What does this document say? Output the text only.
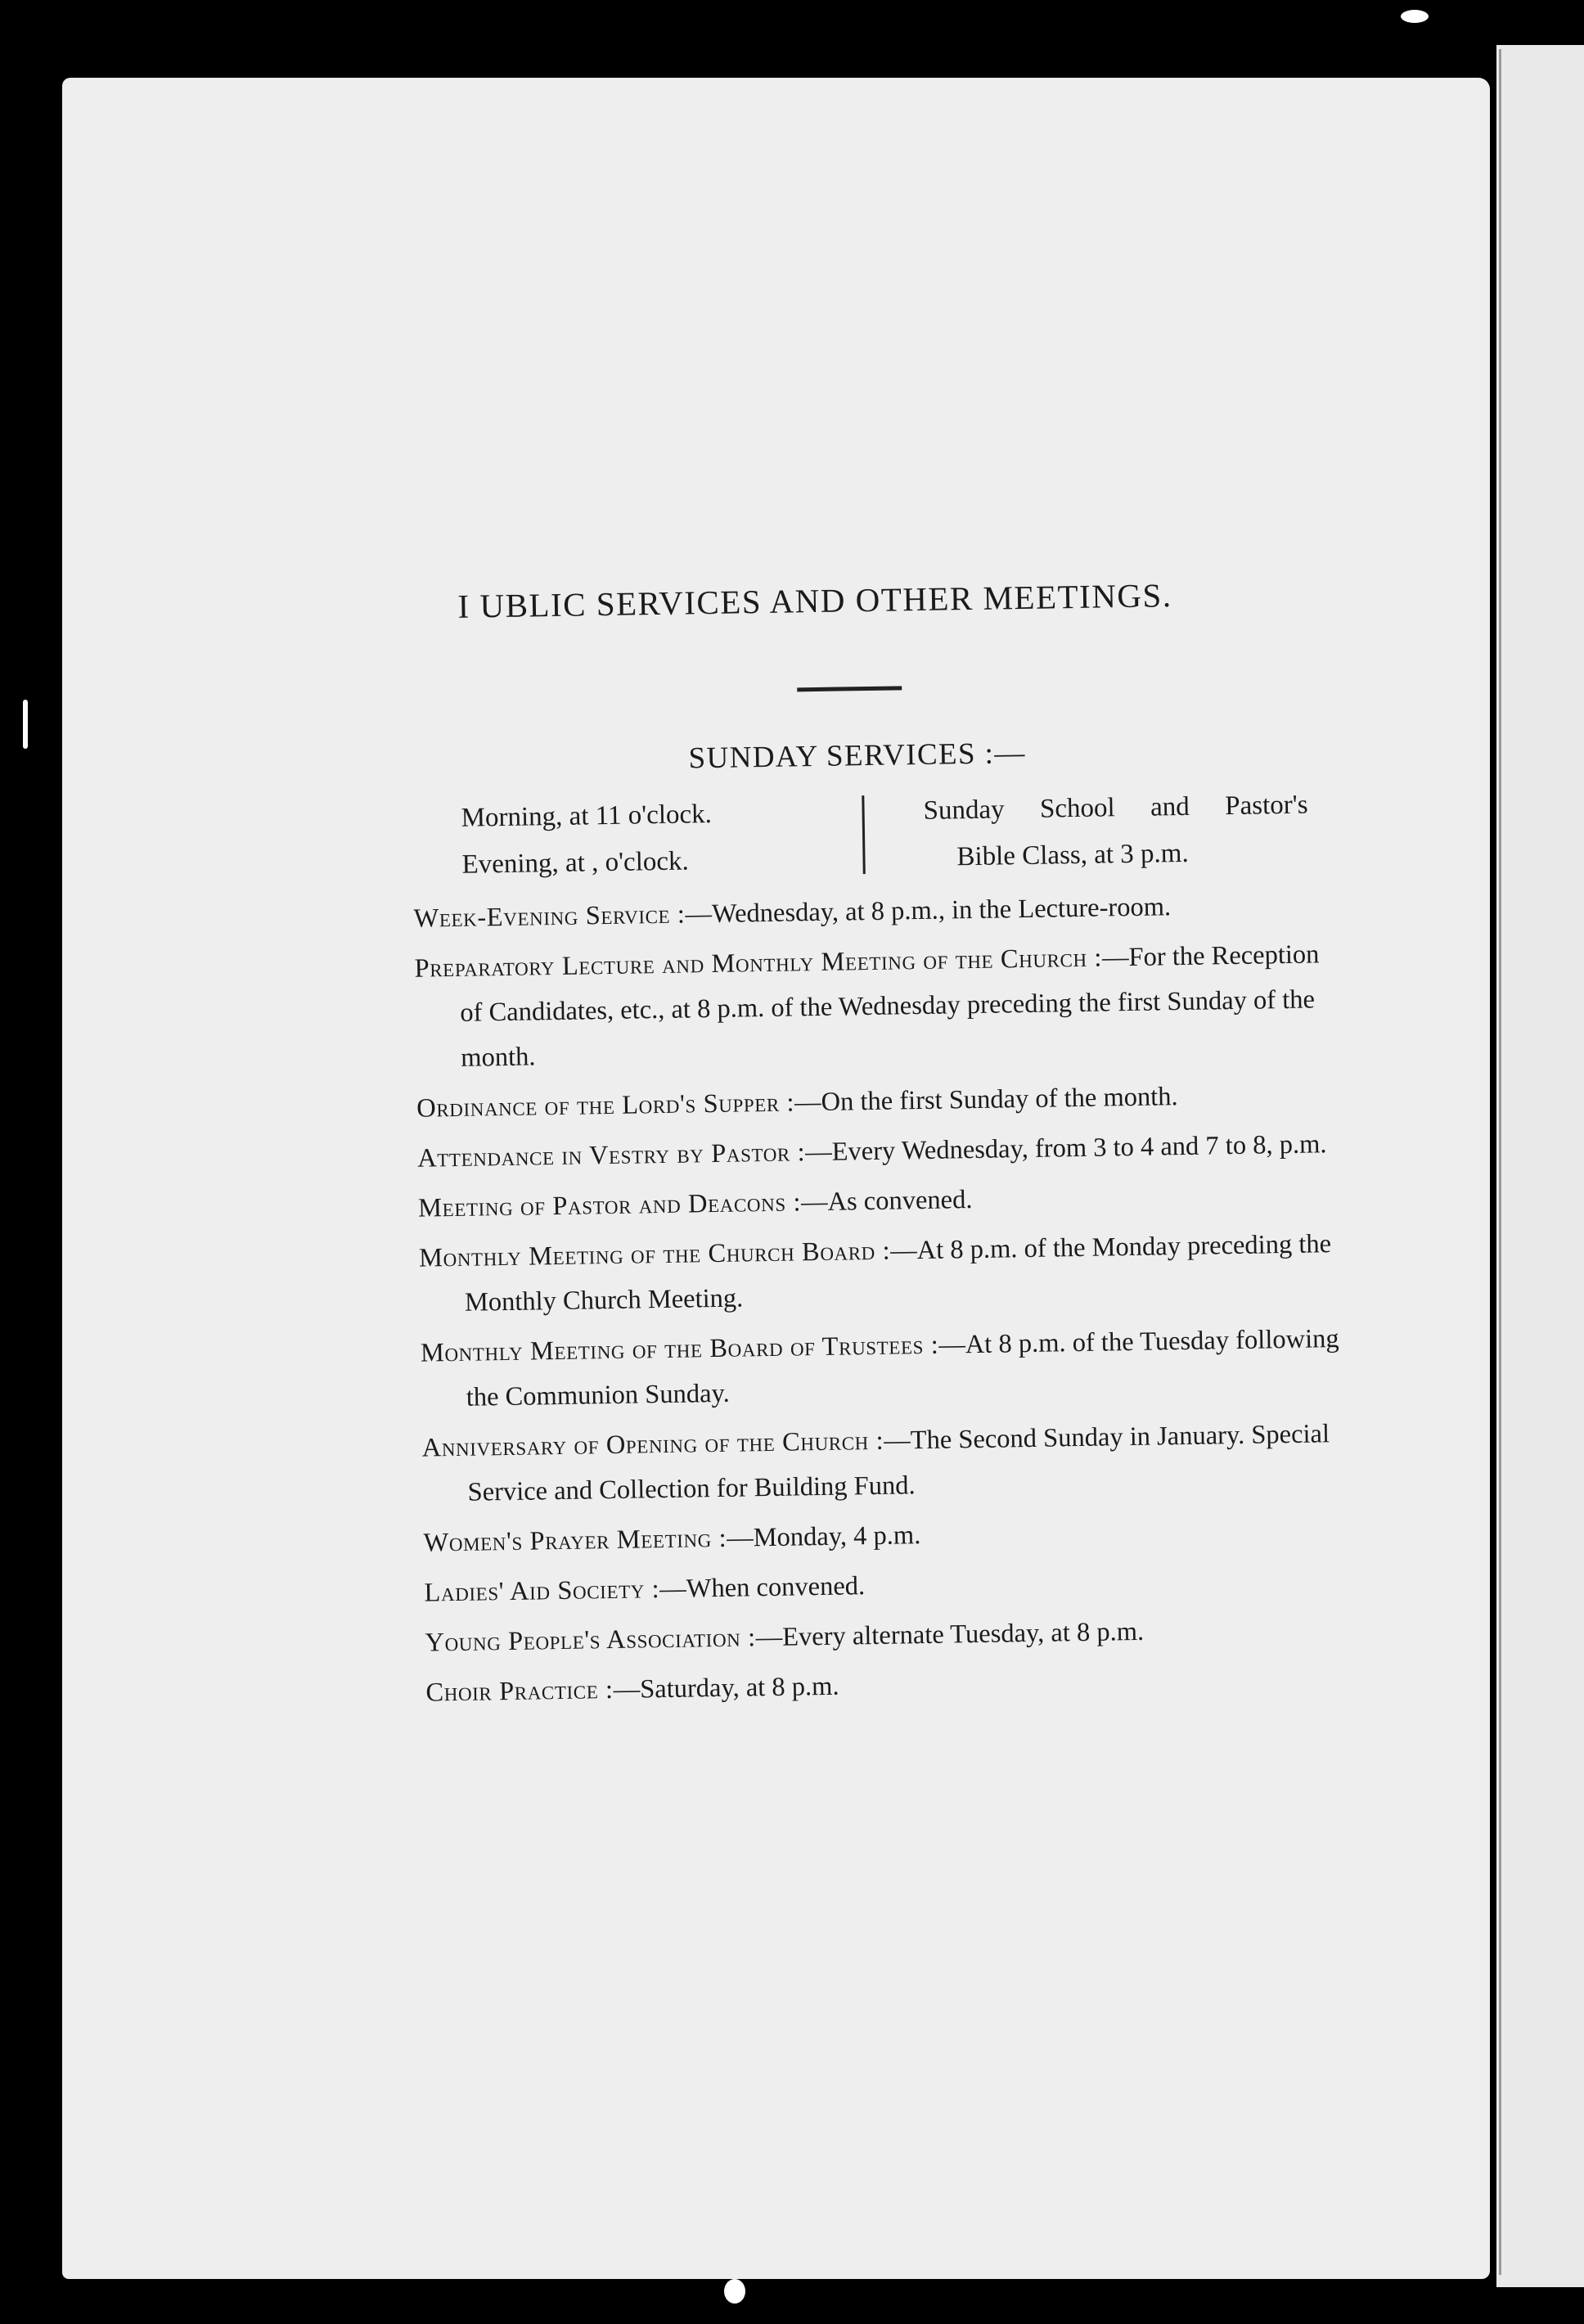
I UBLIC SERVICES AND OTHER MEETINGS.
SUNDAY SERVICES :—
Morning, at 11 o'clock.
Evening, at , o'clock.
Sunday School and Pastor's
Bible Class, at 3 p.m.
Week-Evening Service :—Wednesday, at 8 p.m., in the Lecture-room.
Preparatory Lecture and Monthly Meeting of the Church :—For the Reception of Candidates, etc., at 8 p.m. of the Wednesday preceding the first Sunday of the month.
Ordinance of the Lord's Supper :—On the first Sunday of the month.
Attendance in Vestry by Pastor :—Every Wednesday, from 3 to 4 and 7 to 8, p.m.
Meeting of Pastor and Deacons :—As convened.
Monthly Meeting of the Church Board :—At 8 p.m. of the Monday preceding the Monthly Church Meeting.
Monthly Meeting of the Board of Trustees :—At 8 p.m. of the Tuesday following the Communion Sunday.
Anniversary of Opening of the Church :—The Second Sunday in January. Special Service and Collection for Building Fund.
Women's Prayer Meeting :—Monday, 4 p.m.
Ladies' Aid Society :—When convened.
Young People's Association :—Every alternate Tuesday, at 8 p.m.
Choir Practice :—Saturday, at 8 p.m.
